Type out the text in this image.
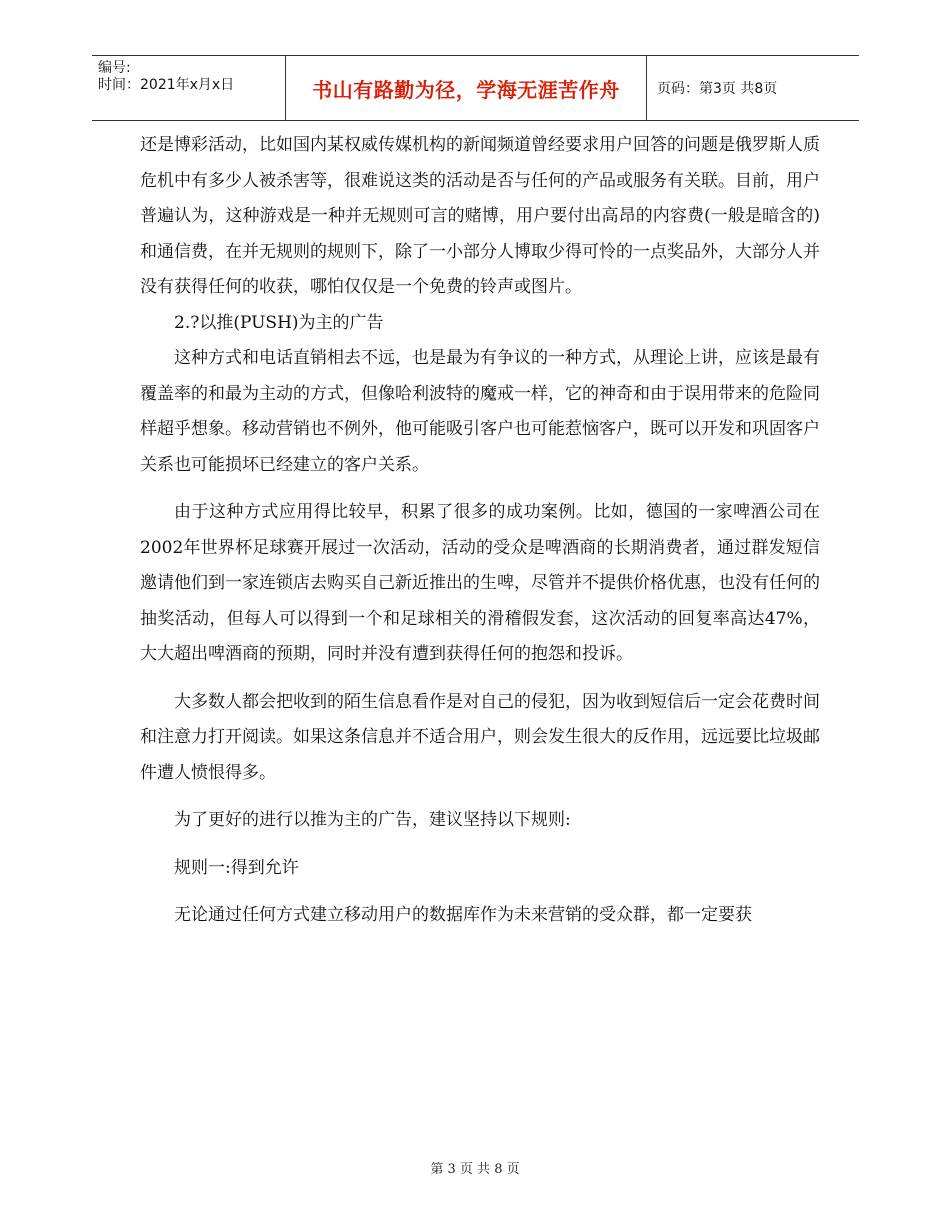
编号:
时间：2021年x月x日	书山有路勤为径，学海无涯苦作舟	页码：第3页 共8页

还是博彩活动，比如国内某权威传媒机构的新闻频道曾经要求用户回答的问题是俄罗斯人质危机中有多少人被杀害等，很难说这类的活动是否与任何的产品或服务有关联。目前，用户普遍认为，这种游戏是一种并无规则可言的赌博，用户要付出高昂的内容费(一般是暗含的)和通信费，在并无规则的规则下，除了一小部分人博取少得可怜的一点奖品外，大部分人并没有获得任何的收获，哪怕仅仅是一个免费的铃声或图片。

2.?以推(PUSH)为主的广告

这种方式和电话直销相去不远，也是最为有争议的一种方式，从理论上讲，应该是最有覆盖率的和最为主动的方式，但像哈利波特的魔戒一样，它的神奇和由于误用带来的危险同样超乎想象。移动营销也不例外，他可能吸引客户也可能惹恼客户，既可以开发和巩固客户关系也可能损坏已经建立的客户关系。

由于这种方式应用得比较早，积累了很多的成功案例。比如，德国的一家啤酒公司在2002年世界杯足球赛开展过一次活动，活动的受众是啤酒商的长期消费者，通过群发短信邀请他们到一家连锁店去购买自己新近推出的生啤，尽管并不提供价格优惠，也没有任何的抽奖活动，但每人可以得到一个和足球相关的滑稽假发套，这次活动的回复率高达47%，大大超出啤酒商的预期，同时并没有遭到获得任何的抱怨和投诉。

大多数人都会把收到的陌生信息看作是对自己的侵犯，因为收到短信后一定会花费时间和注意力打开阅读。如果这条信息并不适合用户，则会发生很大的反作用，远远要比垃圾邮件遭人愤恨得多。

为了更好的进行以推为主的广告，建议坚持以下规则:

规则一:得到允许

无论通过任何方式建立移动用户的数据库作为未来营销的受众群，都一定要获

第 3 页 共 8 页
